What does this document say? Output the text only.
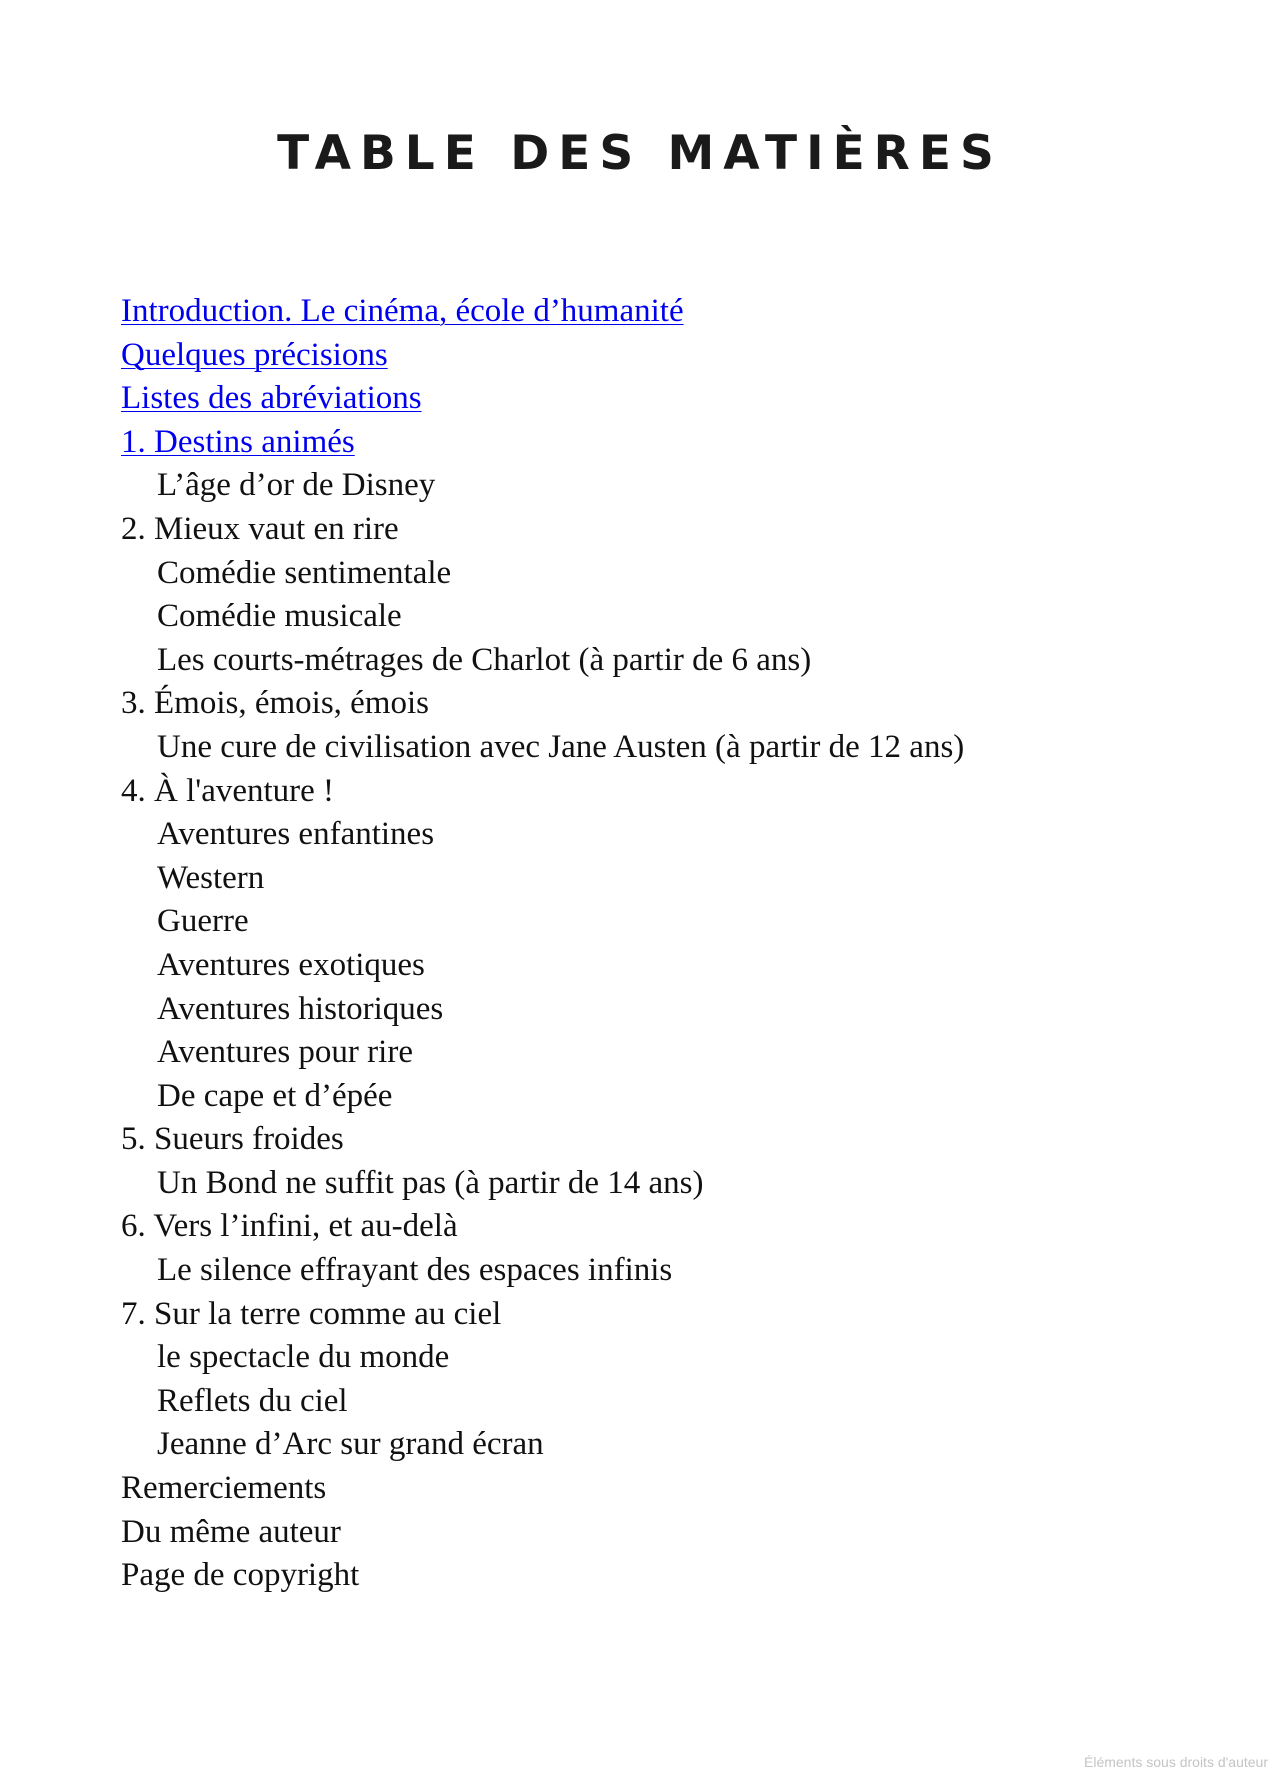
TABLE DES MATIÈRES
Introduction. Le cinéma, école d’humanité
Quelques précisions
Listes des abréviations
1. Destins animés
L’âge d’or de Disney
2. Mieux vaut en rire
Comédie sentimentale
Comédie musicale
Les courts-métrages de Charlot (à partir de 6 ans)
3. Émois, émois, émois
Une cure de civilisation avec Jane Austen (à partir de 12 ans)
4. À l'aventure !
Aventures enfantines
Western
Guerre
Aventures exotiques
Aventures historiques
Aventures pour rire
De cape et d’épée
5. Sueurs froides
Un Bond ne suffit pas (à partir de 14 ans)
6. Vers l’infini, et au-delà
Le silence effrayant des espaces infinis
7. Sur la terre comme au ciel
le spectacle du monde
Reflets du ciel
Jeanne d’Arc sur grand écran
Remerciements
Du même auteur
Page de copyright
Éléments sous droits d'auteur
